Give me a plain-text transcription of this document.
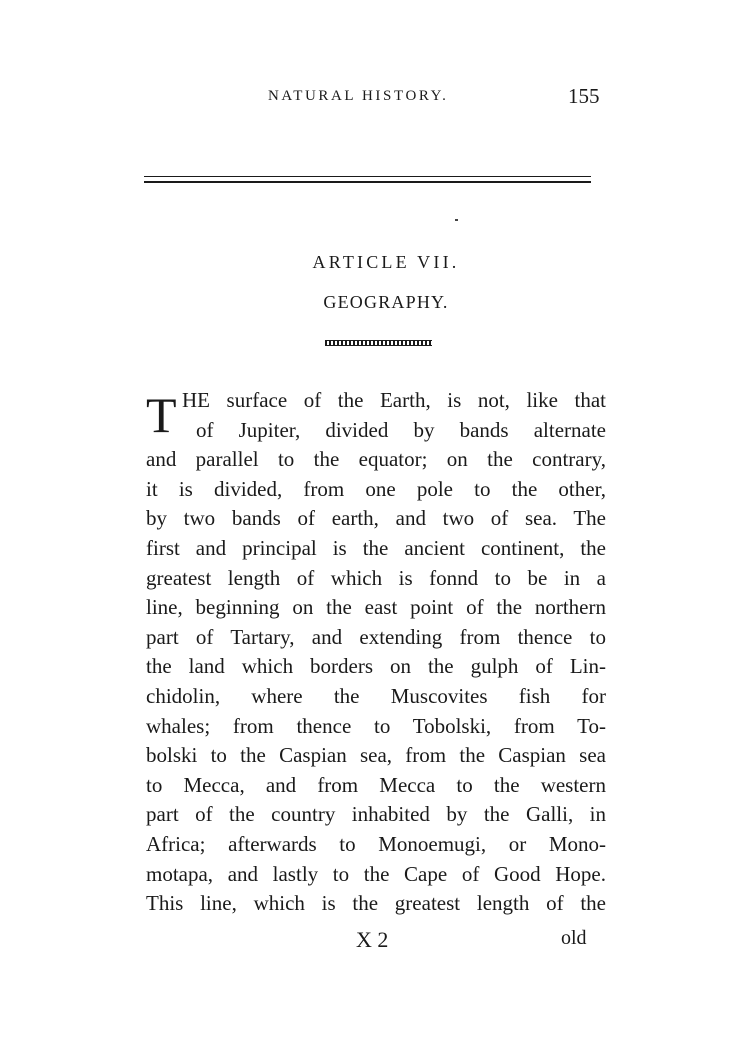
NATURAL HISTORY.	155
ARTICLE VII.
GEOGRAPHY.
T HE surface of the Earth, is not, like that
of Jupiter, divided by bands alternate
and parallel to the equator; on the contrary,
it is divided, from one pole to the other,
by two bands of earth, and two of sea. The
first and principal is the ancient continent, the
greatest length of which is fonnd to be in a
line, beginning on the east point of the northern
part of Tartary, and extending from thence to
the land which borders on the gulph of Lin-
chidolin, where the Muscovites fish for
whales; from thence to Tobolski, from To-
bolski to the Caspian sea, from the Caspian sea
to Mecca, and from Mecca to the western
part of the country inhabited by the Galli, in
Africa; afterwards to Monoemugi, or Mono-
motapa, and lastly to the Cape of Good Hope.
This line, which is the greatest length of the
X 2	old
